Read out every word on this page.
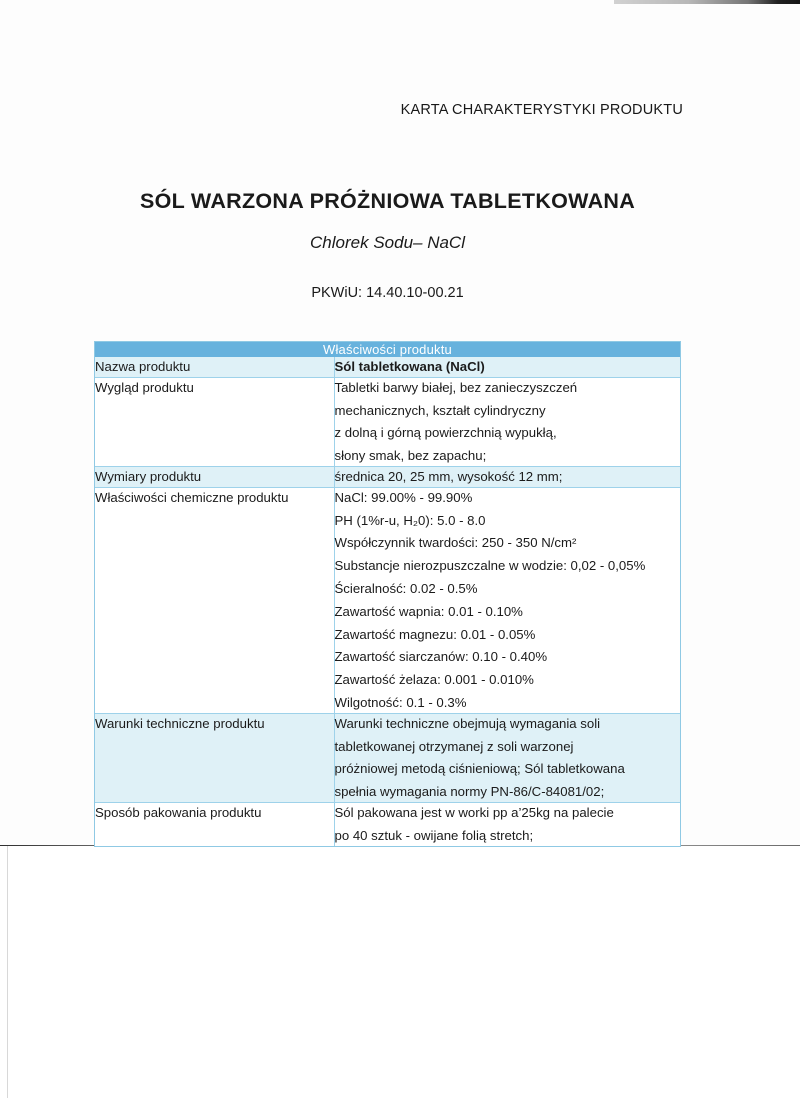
KARTA CHARAKTERYSTYKI PRODUKTU
SÓL WARZONA PRÓŻNIOWA TABLETKOWANA
Chlorek Sodu– NaCl
PKWiU: 14.40.10-00.21
Właściwości produktu	
Nazwa produktu	Sól tabletkowana (NaCl)

Wygląd produktu	Tabletki barwy białej, bez zanieczyszczeń
mechanicznych, kształt cylindryczny
z dolną i górną powierzchnią wypukłą,
słony smak, bez zapachu;

Wymiary produktu	średnica 20, 25 mm, wysokość 12 mm;

Właściwości chemiczne produktu	NaCl: 99.00% - 99.90%
PH (1%r-u, H₂0): 5.0 - 8.0
Współczynnik twardości: 250 - 350 N/cm²
Substancje nierozpuszczalne w wodzie: 0,02 - 0,05%
Ścieralność: 0.02 - 0.5%
Zawartość wapnia: 0.01 - 0.10%
Zawartość magnezu: 0.01 - 0.05%
Zawartość siarczanów: 0.10 - 0.40%
Zawartość żelaza: 0.001 - 0.010%
Wilgotność: 0.1 - 0.3%

Warunki techniczne produktu	Warunki techniczne obejmują wymagania soli
tabletkowanej otrzymanej z soli warzonej
próżniowej metodą ciśnieniową; Sól tabletkowana
spełnia wymagania normy PN-86/C-84081/02;

Sposób pakowania produktu	Sól pakowana jest w worki pp a’25kg na palecie
po 40 sztuk - owijane folią stretch;
